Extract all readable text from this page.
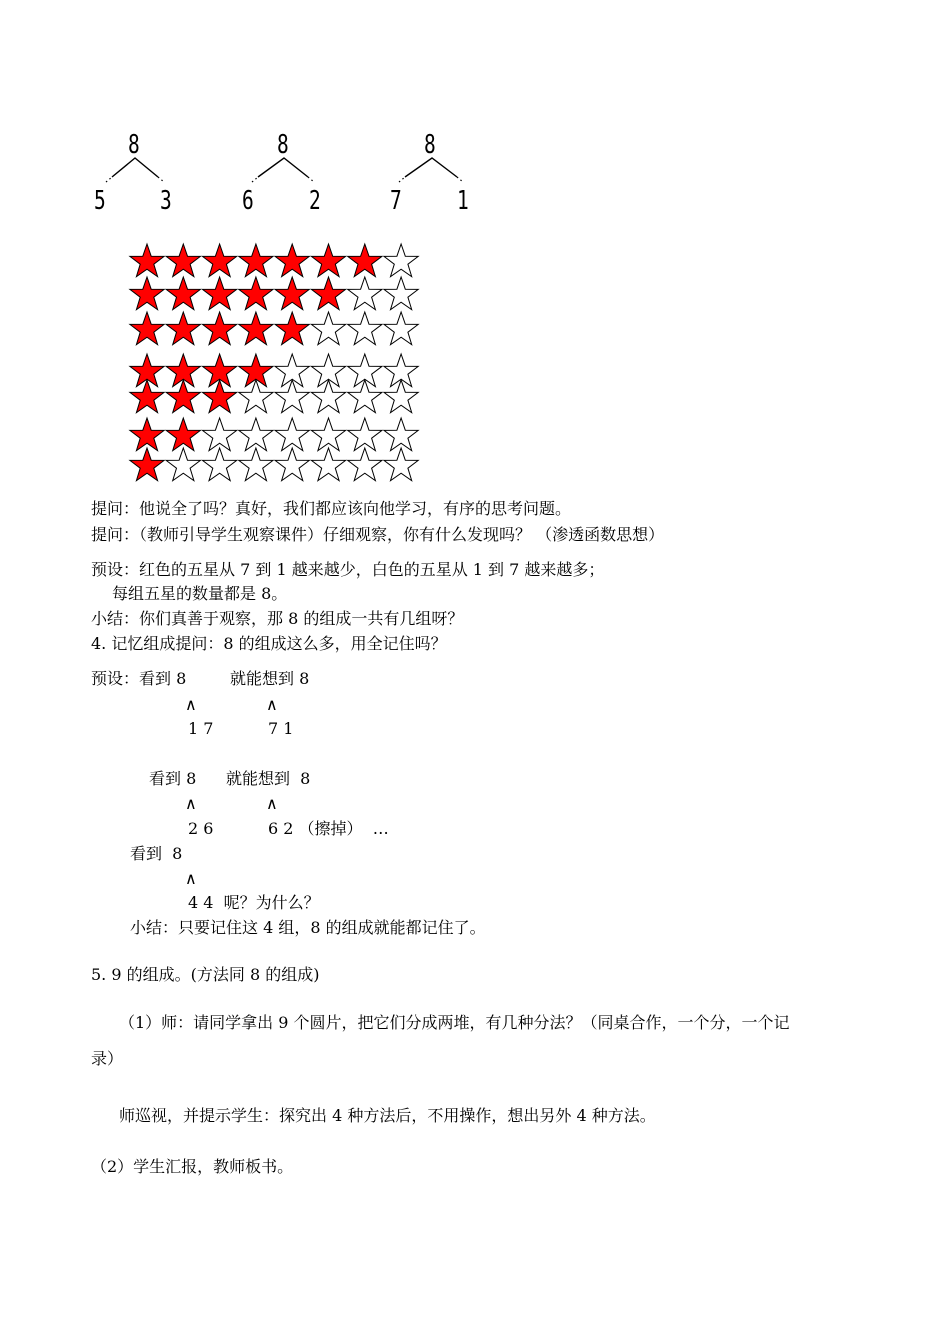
8
5 3
8
6 2
8
7 1
提问：他说全了吗？真好，我们都应该向他学习，有序的思考问题。
提问：（教师引导学生观察课件）仔细观察，你有什么发现吗？ （渗透函数思想）
预设：红色的五星从 7 到 1 越来越少，白色的五星从 1 到 7 越来越多；
每组五星的数量都是 8。
小结：你们真善于观察，那 8 的组成一共有几组呀？
4. 记忆组成提问：8 的组成这么多，用全记住吗？
预设：看到 8	就能想到 8
∧	∧
1 7	7 1
看到 8 就能想到  8
∧	∧
2 6	6 2 （擦掉）  …
看到  8
∧
4 4  呢？为什么？
小结：只要记住这 4 组，8 的组成就能都记住了。
5. 9 的组成。(方法同 8 的组成)
（1）师：请同学拿出 9 个圆片，把它们分成两堆，有几种分法？（同桌合作，一个分，一个记
录）
师巡视，并提示学生：探究出 4 种方法后，不用操作，想出另外 4 种方法。
（2）学生汇报，教师板书。
